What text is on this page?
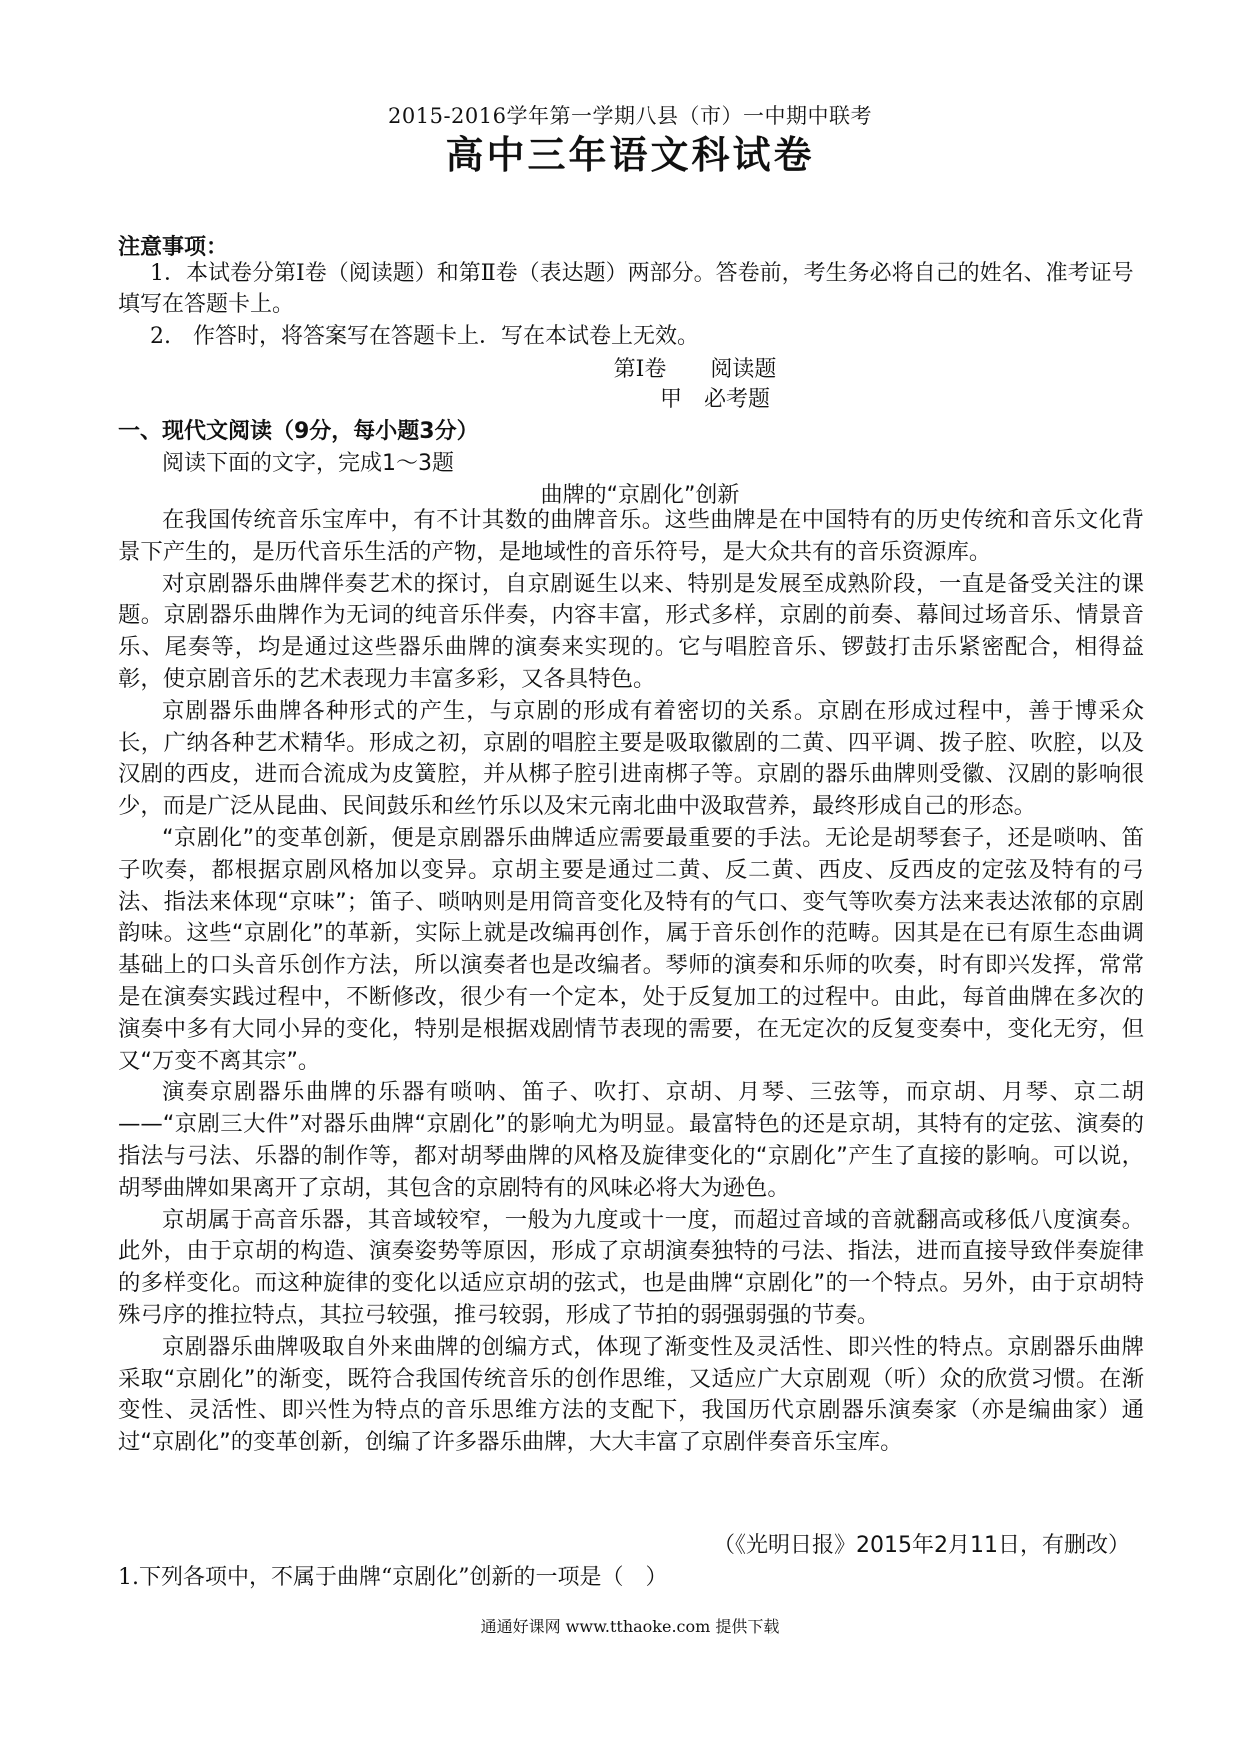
2015-2016学年第一学期八县（市）一中期中联考
高中三年语文科试卷
注意事项：
1．本试卷分第Ⅰ卷（阅读题）和第Ⅱ卷（表达题）两部分。答卷前，考生务必将自己的姓名、准考证号填写在答题卡上。
2.　作答时，将答案写在答题卡上．写在本试卷上无效。
第Ⅰ卷　　阅读题
甲　必考题
一、现代文阅读（9分，每小题3分）
阅读下面的文字，完成1～3题
曲牌的“京剧化”创新

在我国传统音乐宝库中，有不计其数的曲牌音乐。这些曲牌是在中国特有的历史传统和音乐文化背景下产生的，是历代音乐生活的产物，是地域性的音乐符号，是大众共有的音乐资源库。

对京剧器乐曲牌伴奏艺术的探讨，自京剧诞生以来、特别是发展至成熟阶段，一直是备受关注的课题。京剧器乐曲牌作为无词的纯音乐伴奏，内容丰富，形式多样，京剧的前奏、幕间过场音乐、情景音乐、尾奏等，均是通过这些器乐曲牌的演奏来实现的。它与唱腔音乐、锣鼓打击乐紧密配合，相得益彰，使京剧音乐的艺术表现力丰富多彩，又各具特色。

京剧器乐曲牌各种形式的产生，与京剧的形成有着密切的关系。京剧在形成过程中，善于博采众长，广纳各种艺术精华。形成之初，京剧的唱腔主要是吸取徽剧的二黄、四平调、拨子腔、吹腔，以及汉剧的西皮，进而合流成为皮簧腔，并从梆子腔引进南梆子等。京剧的器乐曲牌则受徽、汉剧的影响很少，而是广泛从昆曲、民间鼓乐和丝竹乐以及宋元南北曲中汲取营养，最终形成自己的形态。

“京剧化”的变革创新，便是京剧器乐曲牌适应需要最重要的手法。无论是胡琴套子，还是唢呐、笛子吹奏，都根据京剧风格加以变异。京胡主要是通过二黄、反二黄、西皮、反西皮的定弦及特有的弓法、指法来体现“京味”；笛子、唢呐则是用筒音变化及特有的气口、变气等吹奏方法来表达浓郁的京剧韵味。这些“京剧化”的革新，实际上就是改编再创作，属于音乐创作的范畴。因其是在已有原生态曲调基础上的口头音乐创作方法，所以演奏者也是改编者。琴师的演奏和乐师的吹奏，时有即兴发挥，常常是在演奏实践过程中，不断修改，很少有一个定本，处于反复加工的过程中。由此，每首曲牌在多次的演奏中多有大同小异的变化，特别是根据戏剧情节表现的需要，在无定次的反复变奏中，变化无穷，但又“万变不离其宗”。

演奏京剧器乐曲牌的乐器有唢呐、笛子、吹打、京胡、月琴、三弦等，而京胡、月琴、京二胡——“京剧三大件”对器乐曲牌“京剧化”的影响尤为明显。最富特色的还是京胡，其特有的定弦、演奏的指法与弓法、乐器的制作等，都对胡琴曲牌的风格及旋律变化的“京剧化”产生了直接的影响。可以说，胡琴曲牌如果离开了京胡，其包含的京剧特有的风味必将大为逊色。

京胡属于高音乐器，其音域较窄，一般为九度或十一度，而超过音域的音就翻高或移低八度演奏。此外，由于京胡的构造、演奏姿势等原因，形成了京胡演奏独特的弓法、指法，进而直接导致伴奏旋律的多样变化。而这种旋律的变化以适应京胡的弦式，也是曲牌“京剧化”的一个特点。另外，由于京胡特殊弓序的推拉特点，其拉弓较强，推弓较弱，形成了节拍的弱强弱强的节奏。

京剧器乐曲牌吸取自外来曲牌的创编方式，体现了渐变性及灵活性、即兴性的特点。京剧器乐曲牌采取“京剧化”的渐变，既符合我国传统音乐的创作思维，又适应广大京剧观（听）众的欣赏习惯。在渐变性、灵活性、即兴性为特点的音乐思维方法的支配下，我国历代京剧器乐演奏家（亦是编曲家）通过“京剧化”的变革创新，创编了许多器乐曲牌，大大丰富了京剧伴奏音乐宝库。

（《光明日报》2015年2月11日，有删改）
1.下列各项中，不属于曲牌“京剧化”创新的一项是（　）
通通好课网 www.tthaoke.com 提供下载
